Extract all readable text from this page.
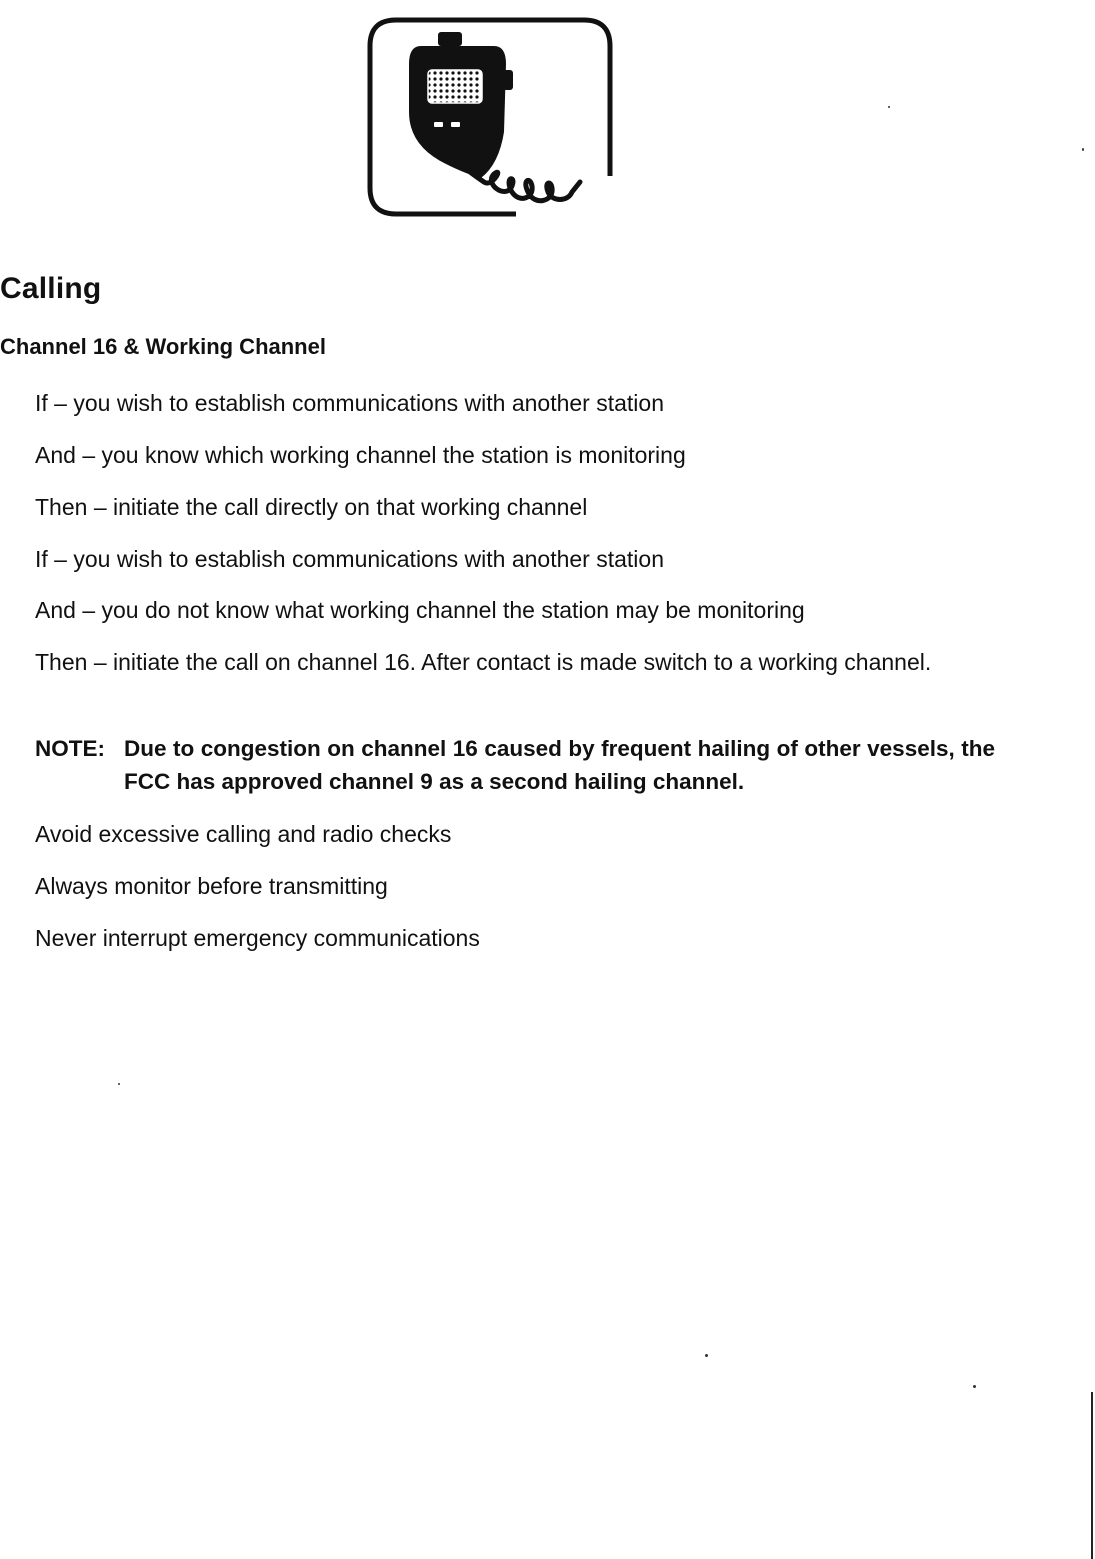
Calling
Channel 16 & Working Channel

If – you wish to establish communications with another station

And – you know which working channel the station is monitoring

Then – initiate the call directly on that working channel

If – you wish to establish communications with another station

And – you do not know what working channel the station may be monitoring

Then – initiate the call on channel 16. After contact is made switch to a working channel.

NOTE: Due to congestion on channel 16 caused by frequent hailing of other vessels, the FCC has approved channel 9 as a second hailing channel.

Avoid excessive calling and radio checks

Always monitor before transmitting

Never interrupt emergency communications
